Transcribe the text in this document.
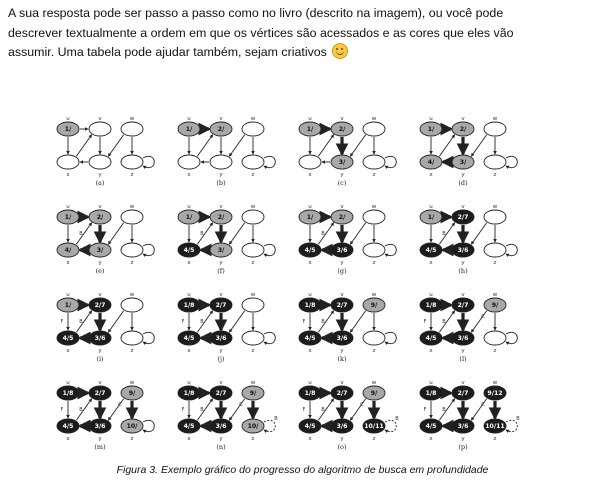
A sua resposta pode ser passo a passo como no livro (descrito na imagem), ou você pode

descrever textualmente a ordem em que os vértices são acessados e as cores que eles vão

assumir. Uma tabela pode ajudar também, sejam criativos

1/
u	v	w
x	y	z
(a)
1/
u
2/
v	w
x	y	z
(b)
1/
u
2/
v	w
x
3/
y	z
(c)
1/
u
2/
v	w
4/
x
3/
y	z
(d)
B
1/
u
2/
v	w
4/
x
3/
y	z
(e)
B
1/
u
2/
v	w
4/5
x
3/
y	z
(f)
B
1/
u
2/
v	w
4/5
x
3/6
y	z
(g)
B
1/
u
2/7
v	w
4/5
x
3/6
y	z
(h)
B
F
1/
u
2/7
v	w
4/5
x
3/6
y	z
(i)
B
F
1/8
u
2/7
v	w
4/5
x
3/6
y	z
(j)
B
F
1/8
u
2/7
v
9/
w
4/5
x
3/6
y	z
(k)
B
F
C
1/8
u
2/7
v
9/
w
4/5
x
3/6
y	z
(l)
B
F
C
1/8
u
2/7
v
9/
w
4/5
x
3/6
y
10/
z
(m)
B
F
C
B
1/8
u
2/7
v
9/
w
4/5
x
3/6
y
10/
z
(n)
B
F
C
B
1/8
u
2/7
v
9/
w
4/5
x
3/6
y
10/11
z
(o)
B
F
C
B
1/8
u
2/7
v
9/12
w
4/5
x
3/6
y
10/11
z
(p)
Figura 3. Exemplo gráfico do progresso do algoritmo de busca em profundidade
